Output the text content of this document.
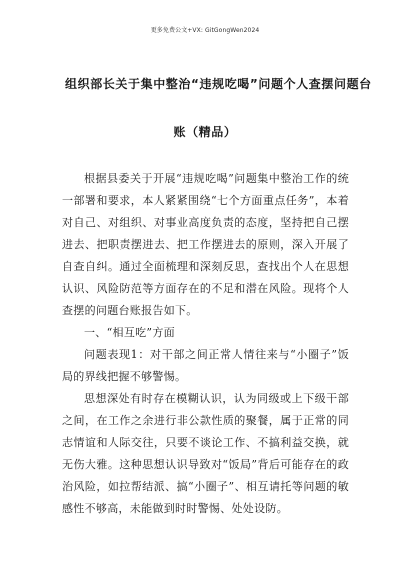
更多免费公文+VX: GitGongWen2024
组织部长关于集中整治“违规吃喝”问题个人查摆问题台
账（精品）

根据县委关于开展“违规吃喝”问题集中整治工作的统一部署和要求，本人紧紧围绕“七个方面重点任务”，本着对自己、对组织、对事业高度负责的态度，坚持把自己摆进去、把职责摆进去、把工作摆进去的原则，深入开展了自查自纠。通过全面梳理和深刻反思，查找出个人在思想认识、风险防范等方面存在的不足和潜在风险。现将个人查摆的问题台账报告如下。

一、“相互吃”方面

问题表现1：对干部之间正常人情往来与“小圈子”饭局的界线把握不够警惕。

思想深处有时存在模糊认识，认为同级或上下级干部之间，在工作之余进行非公款性质的聚餐，属于正常的同志情谊和人际交往，只要不谈论工作、不搞利益交换，就无伤大雅。这种思想认识导致对“饭局”背后可能存在的政治风险，如拉帮结派、搞“小圈子”、相互请托等问题的敏感性不够高，未能做到时时警惕、处处设防。
